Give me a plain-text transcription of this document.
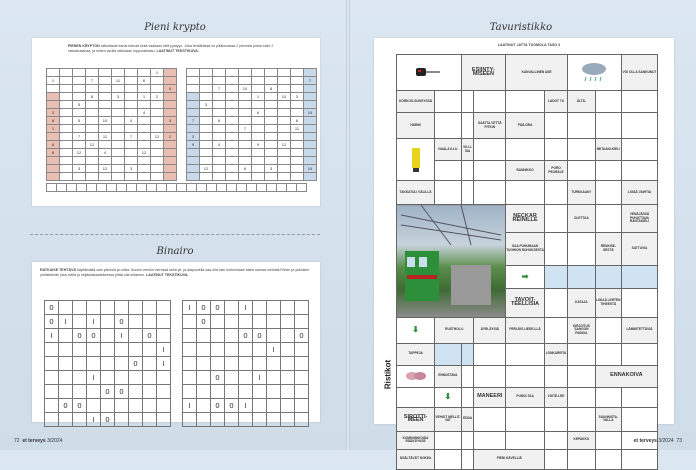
Pieni krypto
PIENEN KRYPTON ratkottavat sanat tulevat sekä vaakaan että pystyyn. Joka lehtiärässä on pääkovassa 2 piirrosta joista tulee 2 ratkaisusanaa, ja niiden avulla ratkotaan loppuratkaisu. LAATINUT TEKSTIKUVA.
								1	
1			7		11		6		
									4
			8		3		1	2	
		5							
3							4		
8		5		10		4			3
1									
		7		11		7		12	2
6			12						
8		12		4			12		

		3		12		3			

									7
		7		10		8			
					1		10	3	
	3								
					6				10
7		6						6	
				7				11	
3									
9		4			9		12		

	12			6		3			10

Binairo
RATKAISE TEHTÄVÄ käyttämällä vain ykkösiä ja nollia. Kunkin merkin vieressä sekä yli- ja alapuolella saa olla vain korkeintaan kaksi samaa merkkiä.Rivien ja ykkösten yhdistelmän joka rivillä ja neljässäsarakkeessa pitää olla erilainen. LAATINUT TEKSTIKUVA.
0								
0	I		I		0			
I		0	0		I		0	
								I
						0		I
			I					
				0	0			
	0	0						
			I	0				
I	0	0		I				
	0							
				0	0			0
						I		

		0			I			

I		0	0	I				

72 et terveys 3/2024
Tavuristikko
LAATINUT JATTA TUOMOLA TASO 3
	ESIINTY-MISEEN		KANVALLINEN ASE				VOI OLLA SANKUNUT
KORKOS-SUNGYSSÄ					LADOT TU	ÜLTÄ-		
HARMI			SAATTA VETTÄ PITKIN	PÄÄ-DRA				
	NAALA ILLU	VILLI-SIA					IMITAANI-KIELI	
				RANNIKKO	PORO PEURALE			
TAKKATULI VÄLILLÄ						TURKKAAN?		LIGÄÄ VAIHTIA
	NECKAR REINILLE		OLETTAA		VENÄJÄSSÄ PUHUTTAVA RANTAKIELI
				SAA PUHUMAAN TUOHION RUHOKSESTA			RENKISE-SESTÄ	SATTUVIA
				➡				
				TAVOIT-TEELLISIA		KATAJA	LIIKAA LEHTEN TIHEESTÄ	
⬇	RUSTHOLLI		ÄYRI-ÄYSIÄ	PERI-DIS LIEDE-LLÄ		KIRJOITUS SANGON PAINOA		LÄMMITETTÄVIÄ
TAPPEJA					LONKAREITA			
	ENNUSTAVA						ENNAKOIVA	
	⬇		MANEERI	PUNOI-TAA	VOITE-LEE			
SIROTTI-MEEN	VEHIOT MELLIT-VAT	EDDA					SUUNNISTA-VALLA	
KOMMUNIKOIDA RÄÄKÄYKSE						KEPAKKO		
DSÄLTÄVÄT NOKEA			PIENI KÄVELLIÄ					
Ristikot
et terveys 3/2024 73
